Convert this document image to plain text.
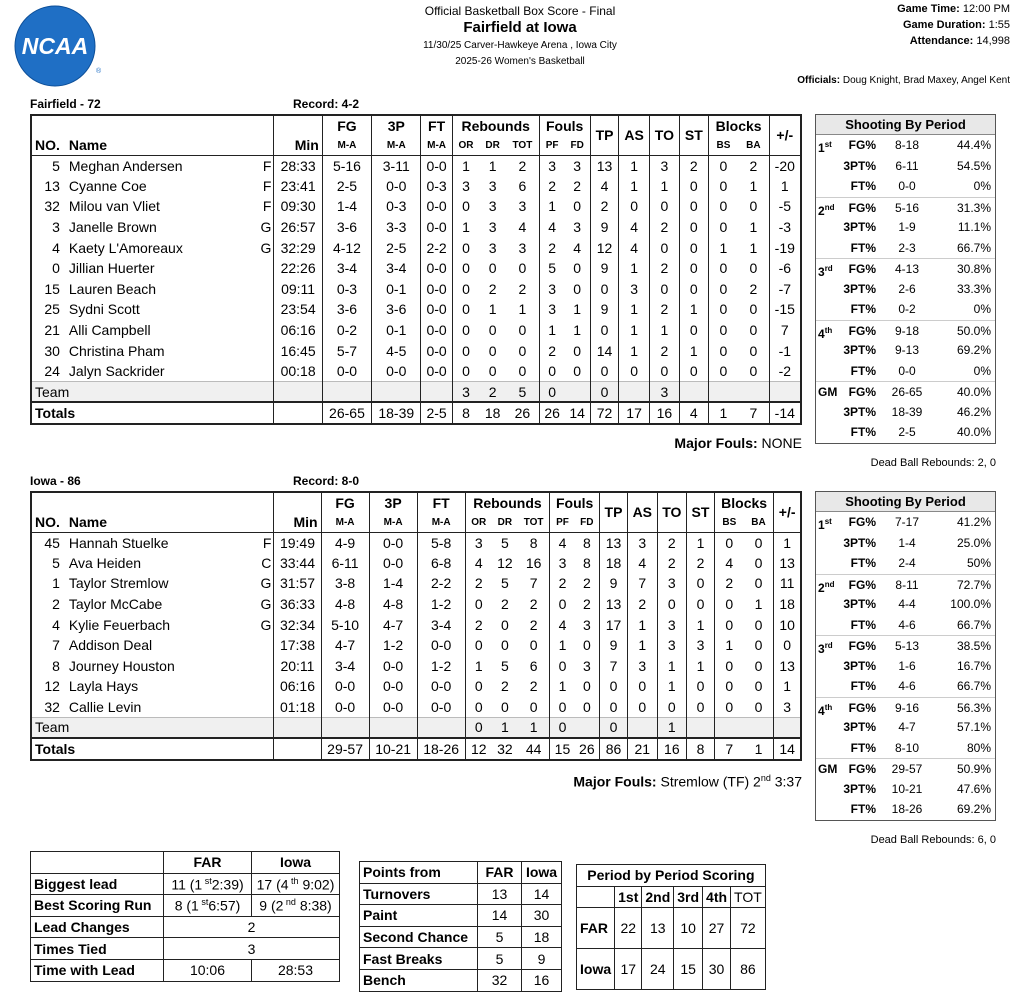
NCAA
®
Official Basketball Box Score - Final
Fairfield at Iowa
11/30/25 Carver-Hawkeye Arena , Iowa City
2025-26 Women's Basketball
Game Time: 12:00 PM
Game Duration: 1:55
Attendance: 14,998
Officials: Doug Knight, Brad Maxey, Angel Kent
Fairfield - 72	Record: 4-2
				FG	3P	FT	Rebounds			Fouls		TP	AS	TO	ST	Blocks		+/-
NO.	Name		Min	M-A	M-A	M-A	OR	DR	TOT	PF	FD					BS	BA	
5	Meghan Andersen	F	28:33	5-16	3-11	0-0	1	1	2	3	3	13	1	3	2	0	2	-20
13	Cyanne Coe	F	23:41	2-5	0-0	0-3	3	3	6	2	2	4	1	1	0	0	1	1
32	Milou van Vliet	F	09:30	1-4	0-3	0-0	0	3	3	1	0	2	0	0	0	0	0	-5
3	Janelle Brown	G	26:57	3-6	3-3	0-0	1	3	4	4	3	9	4	2	0	0	1	-3
4	Kaety L'Amoreaux	G	32:29	4-12	2-5	2-2	0	3	3	2	4	12	4	0	0	1	1	-19
0	Jillian Huerter		22:26	3-4	3-4	0-0	0	0	0	5	0	9	1	2	0	0	0	-6
15	Lauren Beach		09:11	0-3	0-1	0-0	0	2	2	3	0	0	3	0	0	0	2	-7
25	Sydni Scott		23:54	3-6	3-6	0-0	0	1	1	3	1	9	1	2	1	0	0	-15
21	Alli Campbell		06:16	0-2	0-1	0-0	0	0	0	1	1	0	1	1	0	0	0	7
30	Christina Pham		16:45	5-7	4-5	0-0	0	0	0	2	0	14	1	2	1	0	0	-1
24	Jalyn Sackrider		00:18	0-0	0-0	0-0	0	0	0	0	0	0	0	0	0	0	0	-2
Team							3	2	5	0		0		3				
Totals				26-65	18-39	2-5	8	18	26	26	14	72	17	16	4	1	7	-14
Major Fouls: NONE
Shooting By Period
1st	FG%	8-18	44.4%
3PT%	6-11	54.5%
FT%	0-0	0%
2nd	FG%	5-16	31.3%
3PT%	1-9	11.1%
FT%	2-3	66.7%
3rd	FG%	4-13	30.8%
3PT%	2-6	33.3%
FT%	0-2	0%
4th	FG%	9-18	50.0%
3PT%	9-13	69.2%
FT%	0-0	0%
GM FG%	26-65	40.0%
3PT%	18-39	46.2%
FT%	2-5	40.0%
Dead Ball Rebounds: 2, 0
Iowa - 86	Record: 8-0
				FG	3P	FT	Rebounds			Fouls		TP	AS	TO	ST	Blocks		+/-
NO.	Name		Min	M-A	M-A	M-A	OR	DR	TOT	PF	FD					BS	BA	
45	Hannah Stuelke	F	19:49	4-9	0-0	5-8	3	5	8	4	8	13	3	2	1	0	0	1
5	Ava Heiden	C	33:44	6-11	0-0	6-8	4	12	16	3	8	18	4	2	2	4	0	13
1	Taylor Stremlow	G	31:57	3-8	1-4	2-2	2	5	7	2	2	9	7	3	0	2	0	11
2	Taylor McCabe	G	36:33	4-8	4-8	1-2	0	2	2	0	2	13	2	0	0	0	1	18
4	Kylie Feuerbach	G	32:34	5-10	4-7	3-4	2	0	2	4	3	17	1	3	1	0	0	10
7	Addison Deal		17:38	4-7	1-2	0-0	0	0	0	1	0	9	1	3	3	1	0	0
8	Journey Houston		20:11	3-4	0-0	1-2	1	5	6	0	3	7	3	1	1	0	0	13
12	Layla Hays		06:16	0-0	0-0	0-0	0	2	2	1	0	0	0	1	0	0	0	1
32	Callie Levin		01:18	0-0	0-0	0-0	0	0	0	0	0	0	0	0	0	0	0	3
Team							0	1	1	0		0		1				
Totals				29-57	10-21	18-26	12	32	44	15	26	86	21	16	8	7	1	14
Major Fouls: Stremlow (TF) 2nd 3:37
Shooting By Period
1st	FG%	7-17	41.2%
3PT%	1-4	25.0%
FT%	2-4	50%
2nd	FG%	8-11	72.7%
3PT%	4-4	100.0%
FT%	4-6	66.7%
3rd	FG%	5-13	38.5%
3PT%	1-6	16.7%
FT%	4-6	66.7%
4th	FG%	9-16	56.3%
3PT%	4-7	57.1%
FT%	8-10	80%
GM FG%	29-57	50.9%
3PT%	10-21	47.6%
FT%	18-26	69.2%
Dead Ball Rebounds: 6, 0
	FAR	Iowa
Biggest lead	11 (1 $^{st}$2:39)	17 (4 $^{th}$ 9:02)
Best Scoring Run	8 (1 $^{st}$6:57)	9 (2 $^{nd}$ 8:38)
Lead Changes	2	
Times Tied	3	
Time with Lead	10:06	28:53
Points from	FAR	Iowa
Turnovers	13	14
Paint	14	30
Second Chance	5	18
Fast Breaks	5	9
Bench	32	16
Period by Period Scoring					
	1st	2nd	3rd	4th	TOT
FAR	22	13	10	27	72
Iowa	17	24	15	30	86
